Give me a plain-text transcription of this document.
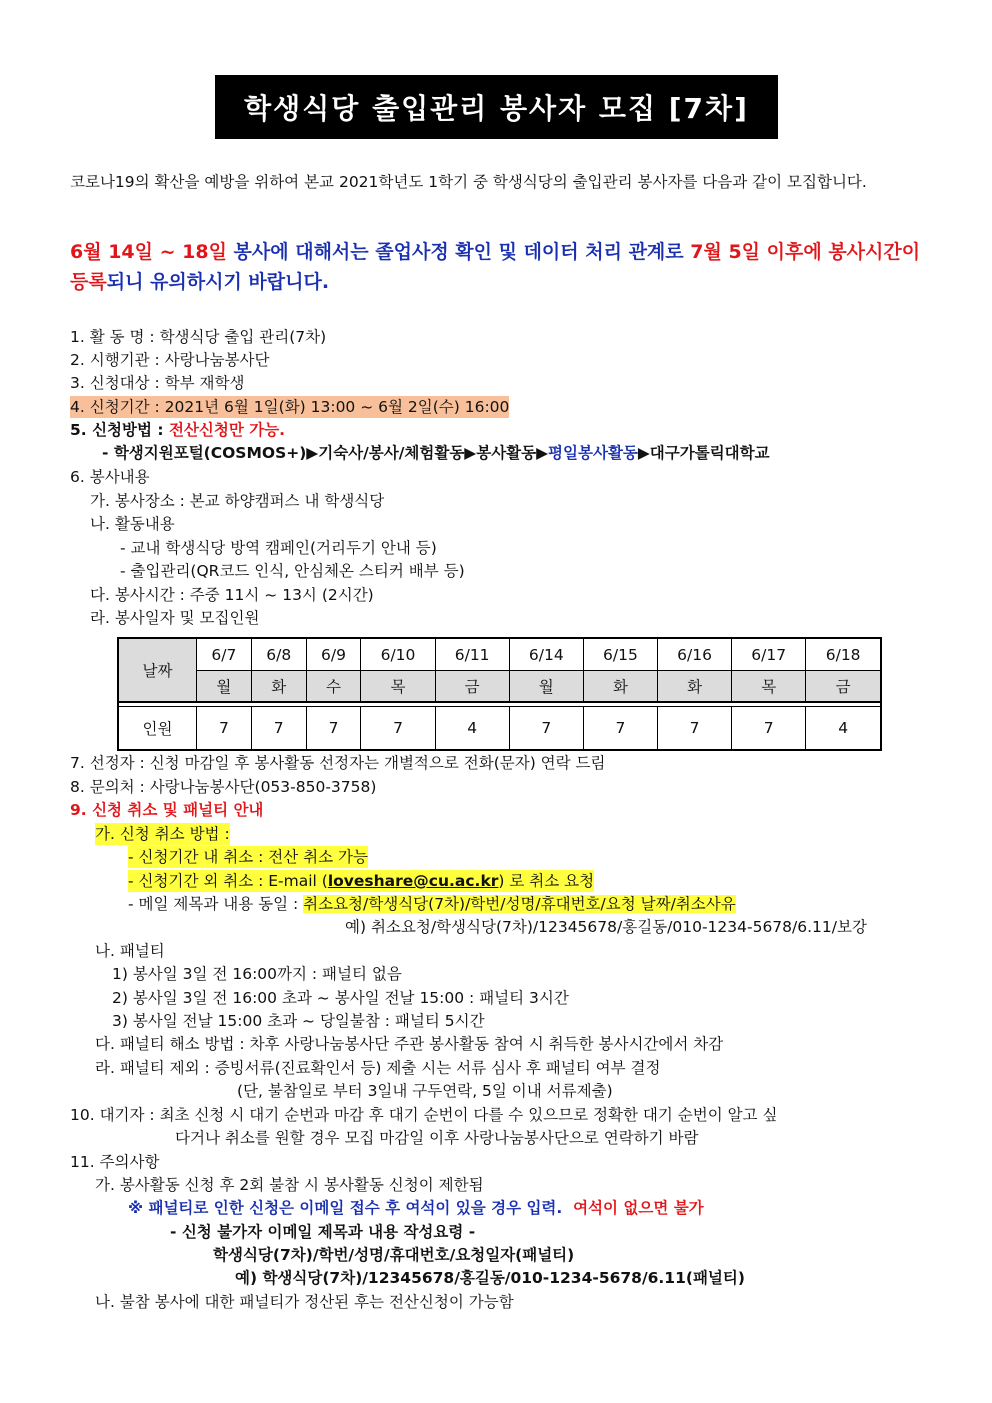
학생식당 출입관리 봉사자 모집 [7차]
코로나19의 확산을 예방을 위하여 본교 2021학년도 1학기 중 학생식당의 출입관리 봉사자를 다음과 같이 모집합니다.
6월 14일 ~ 18일 봉사에 대해서는 졸업사정 확인 및 데이터 처리 관계로 7월 5일 이후에 봉사시간이 등록되니 유의하시기 바랍니다.
1. 활 동 명 : 학생식당 출입 관리(7차)
2. 시행기관 : 사랑나눔봉사단
3. 신청대상 : 학부 재학생
4. 신청기간 : 2021년 6월 1일(화) 13:00 ~ 6월 2일(수) 16:00
5. 신청방법 : 전산신청만 가능.
- 학생지원포털(COSMOS+)▶기숙사/봉사/체험활동▶봉사활동▶평일봉사활동▶대구가톨릭대학교
6. 봉사내용
가. 봉사장소 : 본교 하양캠퍼스 내 학생식당
나. 활동내용
- 교내 학생식당 방역 캠페인(거리두기 안내 등)
- 출입관리(QR코드 인식, 안심체온 스티커 배부 등)
다. 봉사시간 : 주중 11시 ~ 13시 (2시간)
라. 봉사일자 및 모집인원
날짜	6/7	6/8	6/9	6/10	6/11	6/14	6/15	6/16	6/17	6/18
	월	화	수	목	금	월	화	화	목	금

인원	7	7	7	7	4	7	7	7	7	4
7. 선정자 : 신청 마감일 후 봉사활동 선정자는 개별적으로 전화(문자) 연락 드림
8. 문의처 : 사랑나눔봉사단(053-850-3758)
9. 신청 취소 및 패널티 안내
가. 신청 취소 방법 :
- 신청기간 내 취소 : 전산 취소 가능
- 신청기간 외 취소 : E-mail (loveshare@cu.ac.kr) 로 취소 요청
- 메일 제목과 내용 동일 : 취소요청/학생식당(7차)/학번/성명/휴대번호/요청 날짜/취소사유
예) 취소요청/학생식당(7차)/12345678/홍길동/010-1234-5678/6.11/보강
나. 패널티
1) 봉사일 3일 전 16:00까지 : 패널티 없음
2) 봉사일 3일 전 16:00 초과 ~ 봉사일 전날 15:00 : 패널티 3시간
3) 봉사일 전날 15:00 초과 ~ 당일불참 : 패널티 5시간
다. 패널티 해소 방법 : 차후 사랑나눔봉사단 주관 봉사활동 참여 시 취득한 봉사시간에서 차감
라. 패널티 제외 : 증빙서류(진료확인서 등) 제출 시는 서류 심사 후 패널티 여부 결정
(단, 불참일로 부터 3일내 구두연락, 5일 이내 서류제출)
10. 대기자 : 최초 신청 시 대기 순번과 마감 후 대기 순번이 다를 수 있으므로 정확한 대기 순번이 알고 싶
다거나 취소를 원할 경우 모집 마감일 이후 사랑나눔봉사단으로 연락하기 바람
11. 주의사항
가. 봉사활동 신청 후 2회 불참 시 봉사활동 신청이 제한됨
※ 패널티로 인한 신청은 이메일 접수 후 여석이 있을 경우 입력. 여석이 없으면 불가
- 신청 불가자 이메일 제목과 내용 작성요령 -
학생식당(7차)/학번/성명/휴대번호/요청일자(패널티)
예) 학생식당(7차)/12345678/홍길동/010-1234-5678/6.11(패널티)
나. 불참 봉사에 대한 패널티가 정산된 후는 전산신청이 가능함
